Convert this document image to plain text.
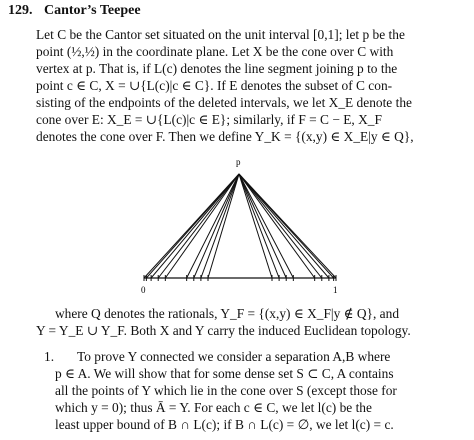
129. Cantor’s Teepee
Let C be the Cantor set situated on the unit interval [0,1]; let p be the
point (½,½) in the coordinate plane. Let X be the cone over C with
vertex at p. That is, if L(c) denotes the line segment joining p to the
point c ∈ C, X = ∪{L(c)|c ∈ C}. If E denotes the subset of C con-
sisting of the endpoints of the deleted intervals, we let X_E denote the
cone over E: X_E = ∪{L(c)|c ∈ E}; similarly, if F = C − E, X_F
denotes the cone over F. Then we define Y_K = {(x,y) ∈ X_E|y ∈ Q},
p
0	1
where Q denotes the rationals, Y_F = {(x,y) ∈ X_F|y ∉ Q}, and
Y = Y_E ∪ Y_F. Both X and Y carry the induced Euclidean topology.
1. To prove Y connected we consider a separation A,B where
p ∈ A. We will show that for some dense set S ⊂ C, A contains
all the points of Y which lie in the cone over S (except those for
which y = 0); thus Ā = Y. For each c ∈ C, we let l(c) be the
least upper bound of B ∩ L(c); if B ∩ L(c) = ∅, we let l(c) = c.
